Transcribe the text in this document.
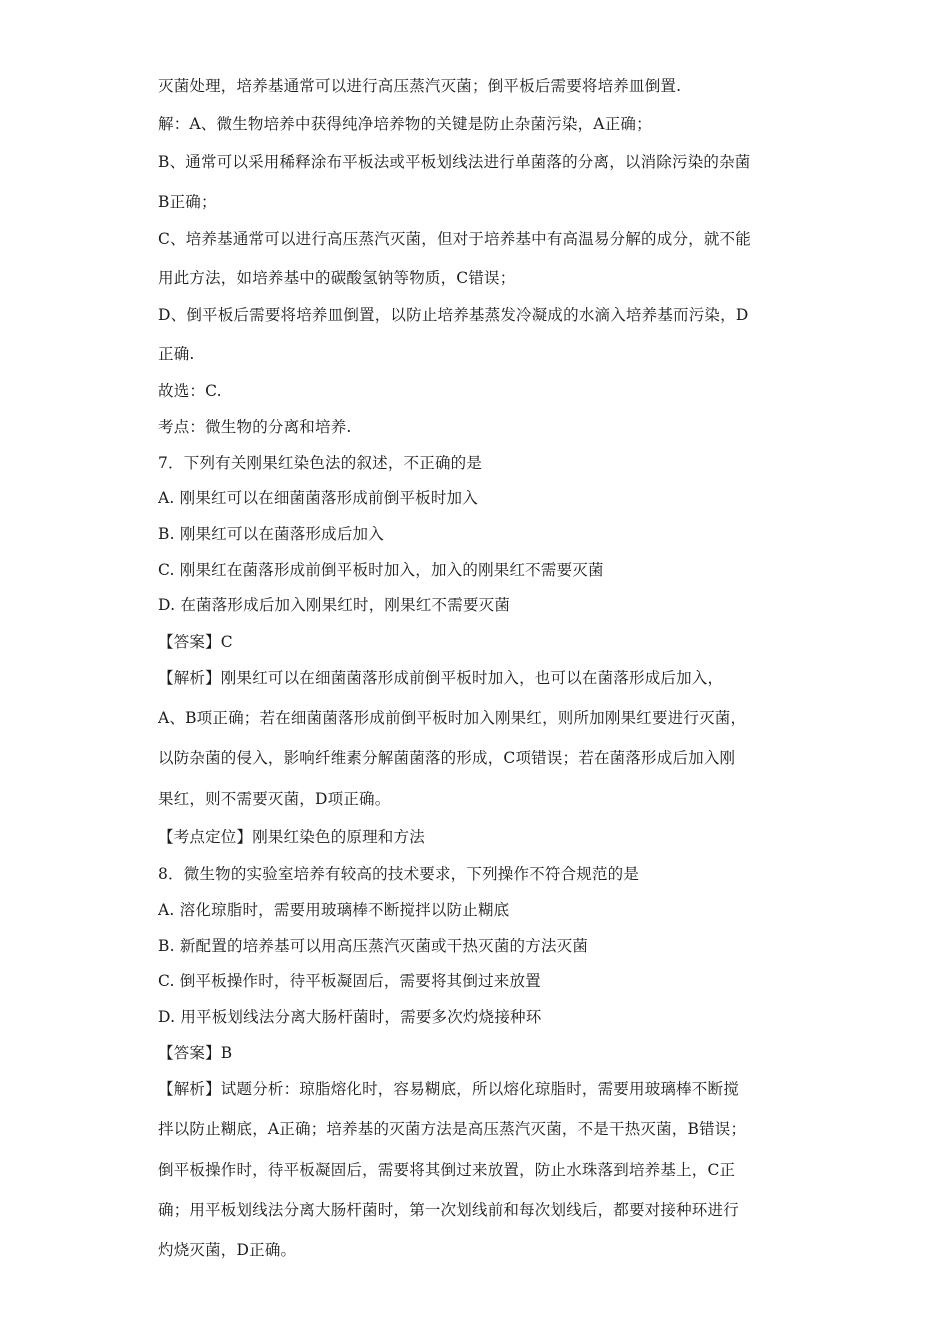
灭菌处理，培养基通常可以进行高压蒸汽灭菌；倒平板后需要将培养皿倒置.
解：A、微生物培养中获得纯净培养物的关键是防止杂菌污染，A正确；
B、通常可以采用稀释涂布平板法或平板划线法进行单菌落的分离，以消除污染的杂菌
B正确；
C、培养基通常可以进行高压蒸汽灭菌，但对于培养基中有高温易分解的成分，就不能
用此方法，如培养基中的碳酸氢钠等物质，C错误；
D、倒平板后需要将培养皿倒置，以防止培养基蒸发冷凝成的水滴入培养基而污染，D
正确.
故选：C.
考点：微生物的分离和培养.
7．下列有关刚果红染色法的叙述，不正确的是
A. 刚果红可以在细菌菌落形成前倒平板时加入
B. 刚果红可以在菌落形成后加入
C. 刚果红在菌落形成前倒平板时加入，加入的刚果红不需要灭菌
D. 在菌落形成后加入刚果红时，刚果红不需要灭菌
【答案】C
【解析】刚果红可以在细菌菌落形成前倒平板时加入，也可以在菌落形成后加入，
A、B项正确；若在细菌菌落形成前倒平板时加入刚果红，则所加刚果红要进行灭菌，
以防杂菌的侵入，影响纤维素分解菌菌落的形成，C项错误；若在菌落形成后加入刚
果红，则不需要灭菌，D项正确。
【考点定位】刚果红染色的原理和方法
8．微生物的实验室培养有较高的技术要求，下列操作不符合规范的是
A. 溶化琼脂时，需要用玻璃棒不断搅拌以防止糊底
B. 新配置的培养基可以用高压蒸汽灭菌或干热灭菌的方法灭菌
C. 倒平板操作时，待平板凝固后，需要将其倒过来放置
D. 用平板划线法分离大肠杆菌时，需要多次灼烧接种环
【答案】B
【解析】试题分析：琼脂熔化时，容易糊底，所以熔化琼脂时，需要用玻璃棒不断搅
拌以防止糊底，A正确；培养基的灭菌方法是高压蒸汽灭菌，不是干热灭菌，B错误；
倒平板操作时，待平板凝固后，需要将其倒过来放置，防止水珠落到培养基上，C正
确；用平板划线法分离大肠杆菌时，第一次划线前和每次划线后，都要对接种环进行
灼烧灭菌，D正确。
